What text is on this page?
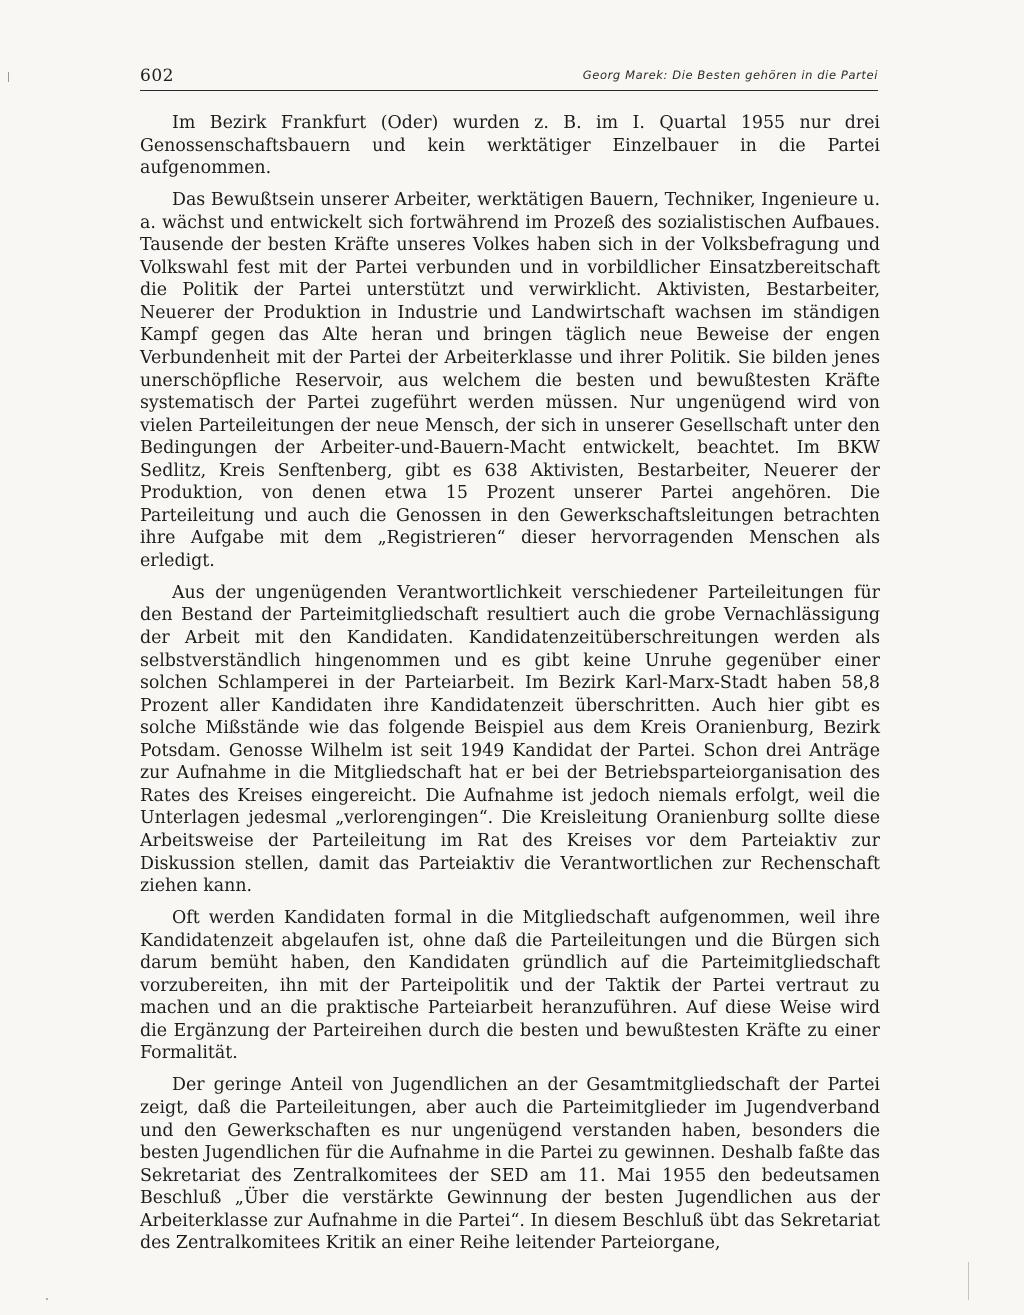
602	Georg Marek: Die Besten gehören in die Partei

Im Bezirk Frankfurt (Oder) wurden z. B. im I. Quartal 1955 nur drei Genossenschaftsbauern und kein werktätiger Einzelbauer in die Partei aufgenommen.

Das Bewußtsein unserer Arbeiter, werktätigen Bauern, Techniker, Ingenieure u. a. wächst und entwickelt sich fortwährend im Prozeß des sozialistischen Aufbaues. Tausende der besten Kräfte unseres Volkes haben sich in der Volksbefragung und Volkswahl fest mit der Partei verbunden und in vorbildlicher Einsatzbereitschaft die Politik der Partei unterstützt und verwirklicht. Aktivisten, Bestarbeiter, Neuerer der Produktion in Industrie und Landwirtschaft wachsen im ständigen Kampf gegen das Alte heran und bringen täglich neue Beweise der engen Verbundenheit mit der Partei der Arbeiterklasse und ihrer Politik. Sie bilden jenes unerschöpfliche Reservoir, aus welchem die besten und bewußtesten Kräfte systematisch der Partei zugeführt werden müssen. Nur ungenügend wird von vielen Parteileitungen der neue Mensch, der sich in unserer Gesellschaft unter den Bedingungen der Arbeiter-und-Bauern-Macht entwickelt, beachtet. Im BKW Sedlitz, Kreis Senftenberg, gibt es 638 Aktivisten, Bestarbeiter, Neuerer der Produktion, von denen etwa 15 Prozent unserer Partei angehören. Die Parteileitung und auch die Genossen in den Gewerkschaftsleitungen betrachten ihre Aufgabe mit dem „Registrieren“ dieser hervorragenden Menschen als erledigt.

Aus der ungenügenden Verantwortlichkeit verschiedener Parteileitungen für den Bestand der Parteimitgliedschaft resultiert auch die grobe Vernachlässigung der Arbeit mit den Kandidaten. Kandidatenzeitüberschreitungen werden als selbstverständlich hingenommen und es gibt keine Unruhe gegenüber einer solchen Schlamperei in der Parteiarbeit. Im Bezirk Karl-Marx-Stadt haben 58,8 Prozent aller Kandidaten ihre Kandidatenzeit überschritten. Auch hier gibt es solche Mißstände wie das folgende Beispiel aus dem Kreis Oranienburg, Bezirk Potsdam. Genosse Wilhelm ist seit 1949 Kandidat der Partei. Schon drei Anträge zur Aufnahme in die Mitgliedschaft hat er bei der Betriebsparteiorganisation des Rates des Kreises eingereicht. Die Aufnahme ist jedoch niemals erfolgt, weil die Unterlagen jedesmal „verlorengingen“. Die Kreisleitung Oranienburg sollte diese Arbeitsweise der Parteileitung im Rat des Kreises vor dem Parteiaktiv zur Diskussion stellen, damit das Parteiaktiv die Verantwortlichen zur Rechenschaft ziehen kann.

Oft werden Kandidaten formal in die Mitgliedschaft aufgenommen, weil ihre Kandidatenzeit abgelaufen ist, ohne daß die Parteileitungen und die Bürgen sich darum bemüht haben, den Kandidaten gründlich auf die Parteimitgliedschaft vorzubereiten, ihn mit der Parteipolitik und der Taktik der Partei vertraut zu machen und an die praktische Parteiarbeit heranzuführen. Auf diese Weise wird die Ergänzung der Parteireihen durch die besten und bewußtesten Kräfte zu einer Formalität.

Der geringe Anteil von Jugendlichen an der Gesamtmitgliedschaft der Partei zeigt, daß die Parteileitungen, aber auch die Parteimitglieder im Jugendverband und den Gewerkschaften es nur ungenügend verstanden haben, besonders die besten Jugendlichen für die Aufnahme in die Partei zu gewinnen. Deshalb faßte das Sekretariat des Zentralkomitees der SED am 11. Mai 1955 den bedeutsamen Beschluß „Über die verstärkte Gewinnung der besten Jugendlichen aus der Arbeiterklasse zur Aufnahme in die Partei“. In diesem Beschluß übt das Sekretariat des Zentralkomitees Kritik an einer Reihe leitender Parteiorgane,
